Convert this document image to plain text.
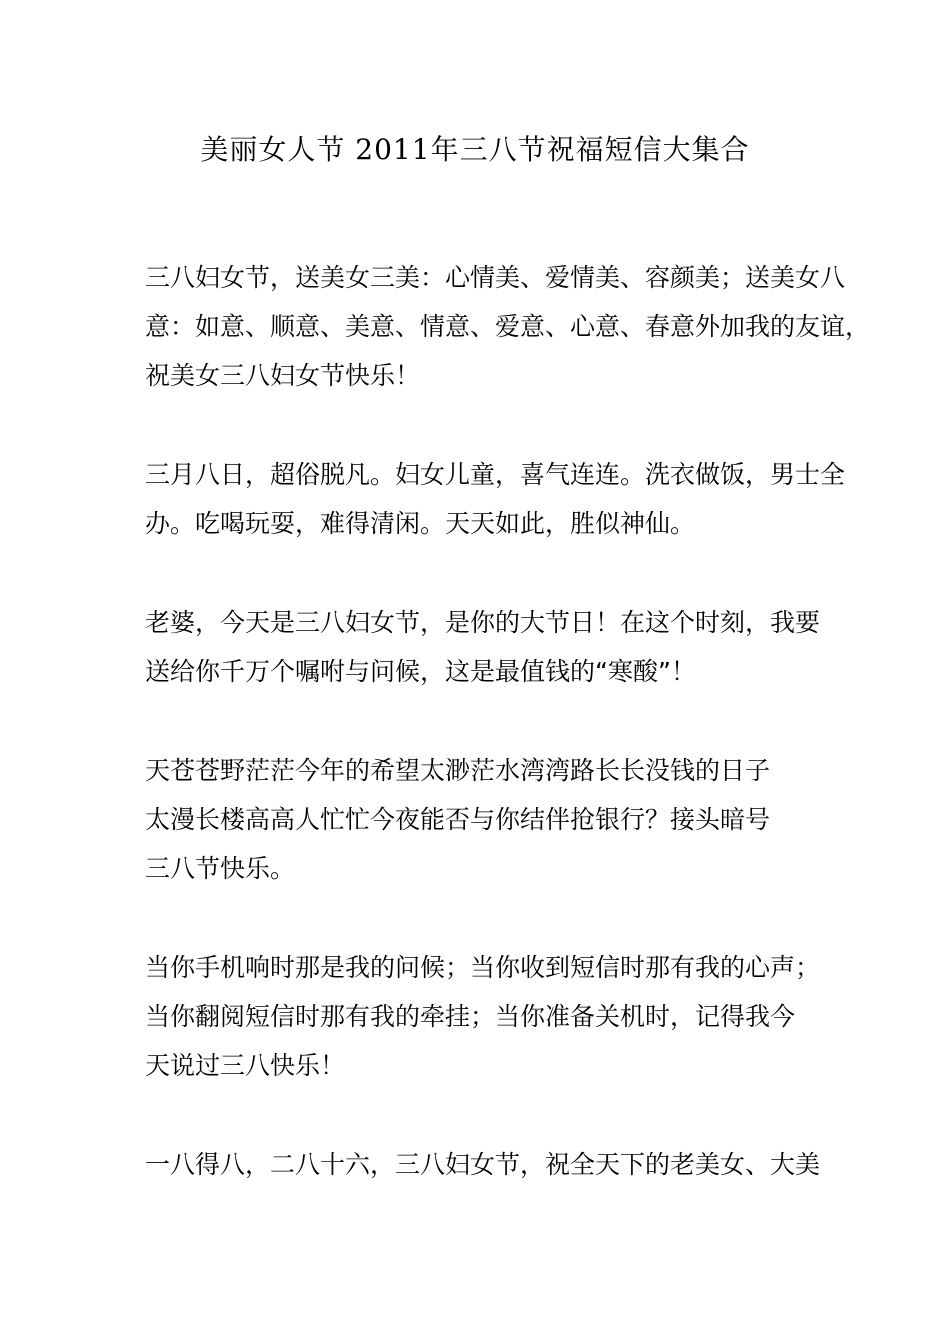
美丽女人节 2011年三八节祝福短信大集合

三八妇女节，送美女三美：心情美、爱情美、容颜美；送美女八
意：如意、顺意、美意、情意、爱意、心意、春意外加我的友谊，
祝美女三八妇女节快乐！

三月八日，超俗脱凡。妇女儿童，喜气连连。洗衣做饭，男士全
办。吃喝玩耍，难得清闲。天天如此，胜似神仙。

老婆，今天是三八妇女节，是你的大节日！在这个时刻，我要
送给你千万个嘱咐与问候，这是最值钱的“寒酸”！

天苍苍野茫茫今年的希望太渺茫水湾湾路长长没钱的日子
太漫长楼高高人忙忙今夜能否与你结伴抢银行？接头暗号
三八节快乐。

当你手机响时那是我的问候；当你收到短信时那有我的心声；
当你翻阅短信时那有我的牵挂；当你准备关机时，记得我今
天说过三八快乐！

一八得八，二八十六，三八妇女节，祝全天下的老美女、大美
